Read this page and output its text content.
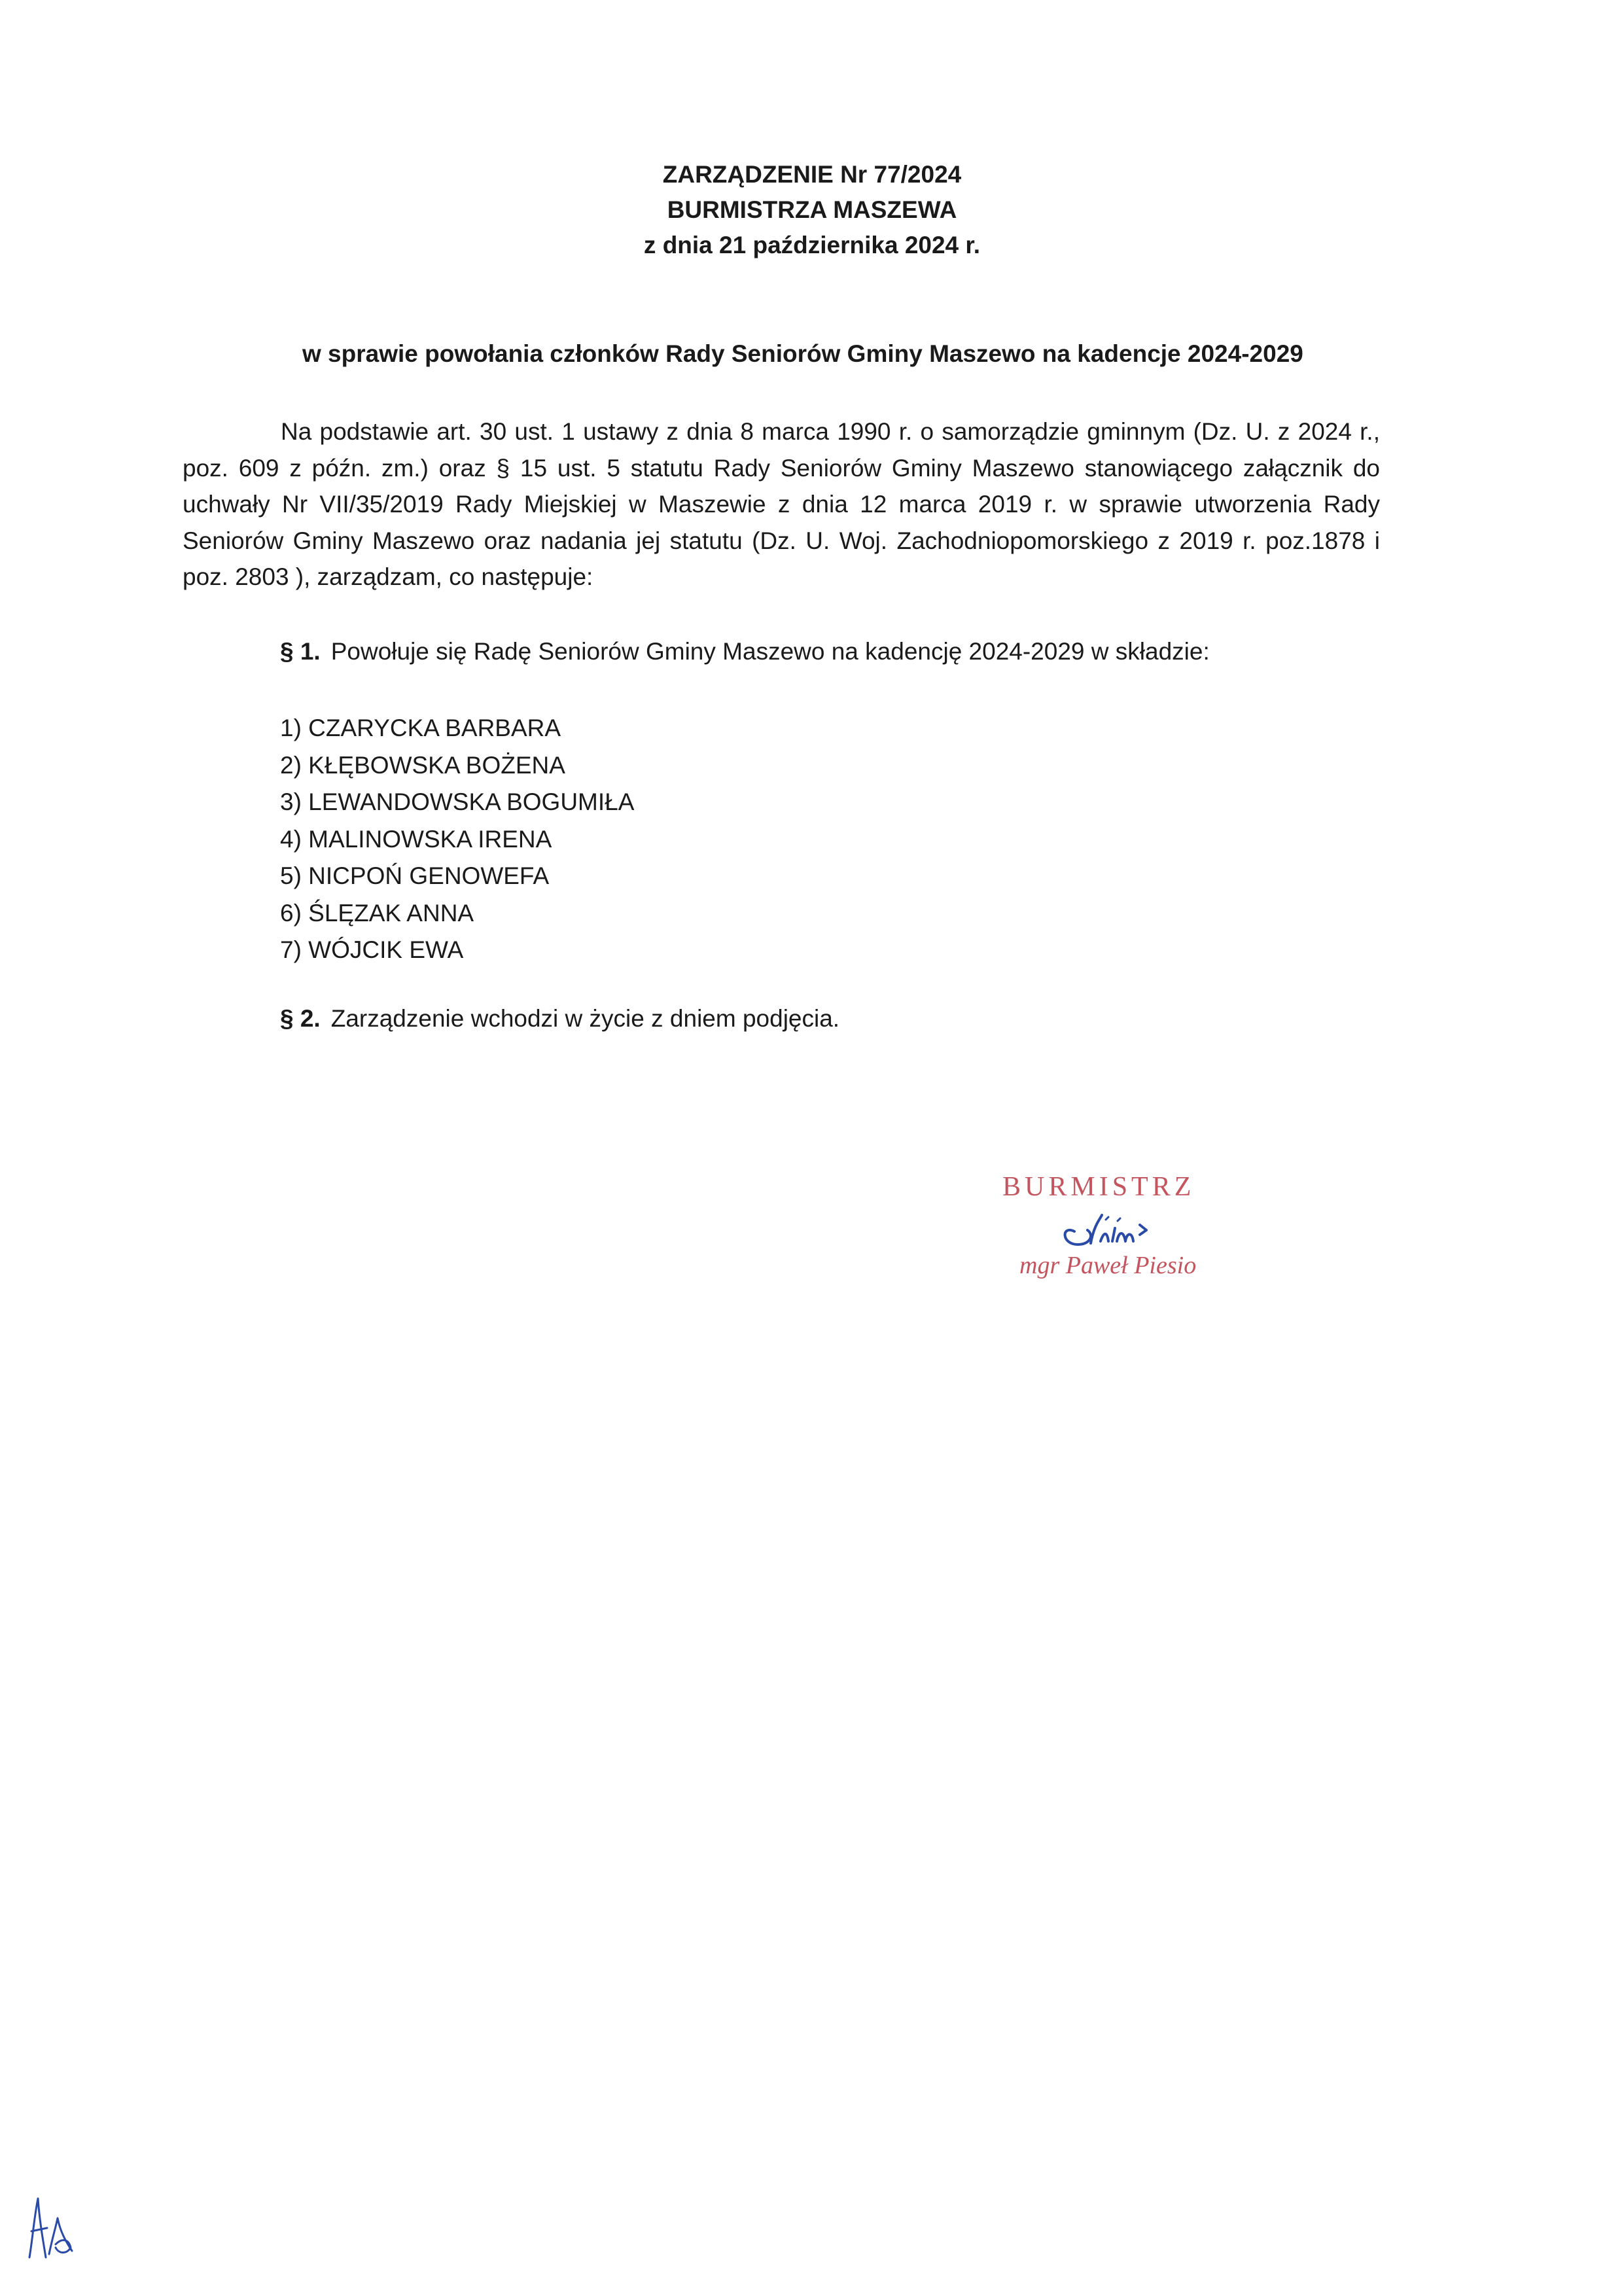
ZARZĄDZENIE Nr 77/2024
BURMISTRZA MASZEWA
z dnia 21 października 2024 r.
w sprawie powołania członków Rady Seniorów Gminy Maszewo na kadencje 2024-2029
Na podstawie art. 30 ust. 1 ustawy z dnia 8 marca 1990 r. o samorządzie gminnym (Dz. U. z 2024 r., poz. 609 z późn. zm.) oraz § 15 ust. 5 statutu Rady Seniorów Gminy Maszewo stanowiącego załącznik do uchwały Nr VII/35/2019 Rady Miejskiej w Maszewie z dnia 12 marca 2019 r. w sprawie utworzenia Rady Seniorów Gminy Maszewo oraz nadania jej statutu (Dz. U. Woj. Zachodniopomorskiego z 2019 r. poz.1878 i poz. 2803 ), zarządzam, co następuje:
§ 1. Powołuje się Radę Seniorów Gminy Maszewo na kadencję 2024-2029 w składzie:
1) CZARYCKA BARBARA
2) KŁĘBOWSKA BOŻENA
3) LEWANDOWSKA BOGUMIŁA
4) MALINOWSKA IRENA
5) NICPOŃ GENOWEFA
6) ŚLĘZAK ANNA
7) WÓJCIK EWA
§ 2. Zarządzenie wchodzi w życie z dniem podjęcia.
BURMISTRZ
mgr Paweł Piesio
